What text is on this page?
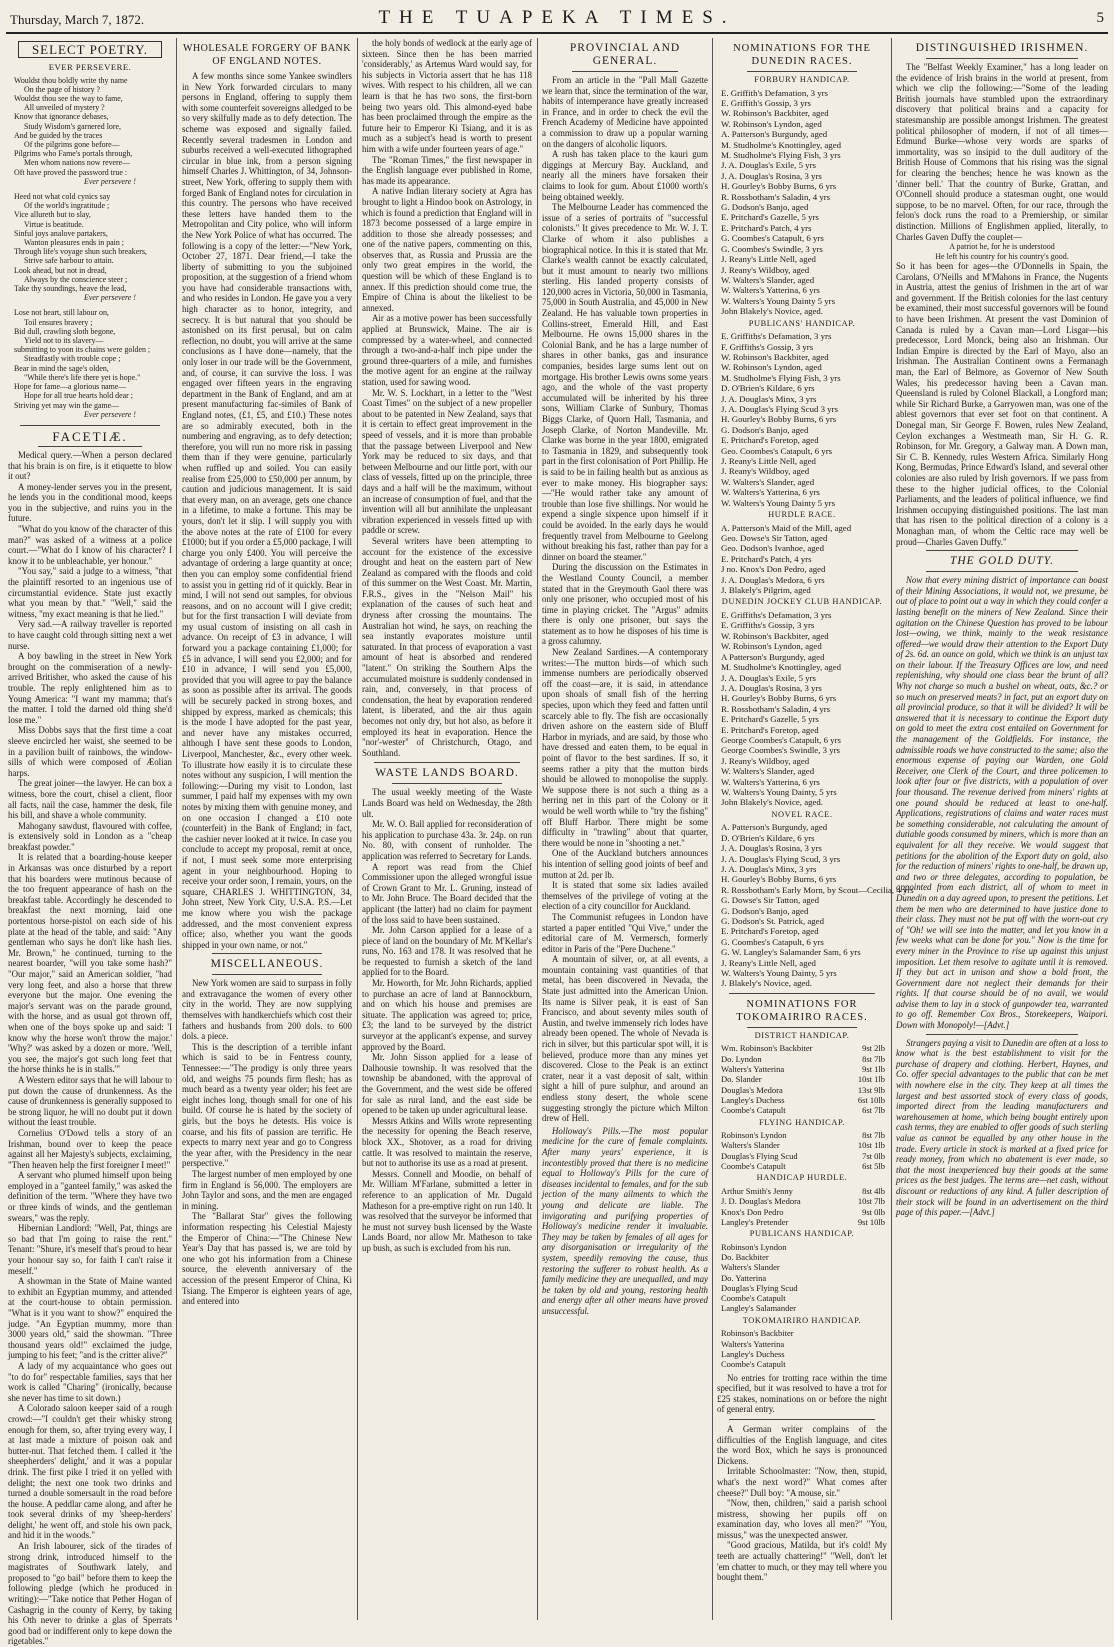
Thursday, March 7, 1872.	THE TUAPEKA TIMES.	5
SELECT POETRY.
EVER PERSEVERE.
Wouldst thou boldly write thy name
On the page of history ?
Wouldst thou see the way to fame,
All unveiled of mystery ?
Know that ignorance debases,
Study Wisdom's garnered lore,
And be guided by the traces
Of the pilgrims gone before—
Pilgrims who Fame's portals through,
Men whom nations now revere—
Oft have proved the password true :
Ever persevere !
Heed not what cold cynics say
Of the world's ingratitude ;
Vice allureth but to slay,
Virtue is beatitude.
Sinful joys analove partakers,
Wanton pleasures ends in pain ;
Through life's voyage shun such breakers,
Strive safe harbour to attain.
Look ahead, but not in dread,
Always by the conscience steer ;
Take thy soundings, heave the lead,
Ever persevere !
Lose not heart, still labour on,
Toil ensures bravery ;
Bid dull, crawling sloth begone,
Yield not to its slavery—
submitting to yoon its chains were golden ;
Steadfastly with trouble cope ;
Bear in mind the sage's olden,
"While there's life there yet is hope."
Hope for fame—a glorious name—
Hope for all true hearts hold dear ;
Striving yet may win the game—
Ever persevere !
FACETIÆ.

Medical query.—When a person declared that his brain is on fire, is it etiquette to blow it out?

A money-lender serves you in the present, he lends you in the conditional mood, keeps you in the subjective, and ruins you in the future.

"What do you know of the character of this man?" was asked of a witness at a police court.—"What do I know of his character? I know it to be unbleachable, yer honour."

"You say," said a judge to a witness, "that the plaintiff resorted to an ingenious use of circumstantial evidence. State just exactly what you mean by that." "Well," said the witness, "my exact meaning is that he lied."

Very sad.—A railway traveller is reported to have caught cold through sitting next a wet nurse.

A boy bawling in the street in New York brought on the commiseration of a newly-arrived Britisher, who asked the cause of his trouble. The reply enlightened him as to Young America: "I want my mamma; that's the matter. I told the darned old thing she'd lose me."

Miss Dobbs says that the first time a coat sleeve encircled her waist, she seemed to be in a pavilion built of rainbows, the window-sills of which were composed of Æolian harps.

The great joiner—the lawyer. He can box a witness, bore the court, chisel a client, floor all facts, nail the case, hammer the desk, file his bill, and shave a whole community.

Mahogany sawdust, flavoured with coffee, is extensively sold in London as a "cheap breakfast powder."

It is related that a boarding-house keeper in Arkansas was once disturbed by a report that his boarders were mutinous because of the too frequent appearance of hash on the breakfast table. Accordingly he descended to breakfast the next morning, laid one portentous horse-pistol on each side of his plate at the head of the table, and said: "Any gentleman who says he don't like hash lies. Mr. Brown," he continued, turning to the nearest boarder, "will you take some hash?" "Our major," said an American soldier, "had very long feet, and also a horse that threw everyone but the major. One evening the major's servant was on the parade ground, with the horse, and as usual got thrown off, when one of the boys spoke up and said: 'I know why the horse won't throw the major.' 'Why?' was asked by a dozen or more. 'Well, you see, the major's got such long feet that the horse thinks he is in stalls.'"

A Western editor says that he will labour to put down the cause of drunkenness. As the cause of drunkenness is generally supposed to be strong liquor, he will no doubt put it down without the least trouble.

Cornelius O'Dowd tells a story of an Irishman, bound over to keep the peace against all her Majesty's subjects, exclaiming, "Then heaven help the first foreigner I meet!"

A servant who plumed himself upon being employed in a "ganteel family," was asked the definition of the term. "Where they have two or three kinds of winds, and the gentleman swears," was the reply.

Hibernian Landlord: "Well, Pat, things are so bad that I'm going to raise the rent." Tenant: "Shure, it's meself that's proud to hear your honour say so, for faith I can't raise it meself."

A showman in the State of Maine wanted to exhibit an Egyptian mummy, and attended at the court-house to obtain permission. "What is it you want to show?" enquired the judge. "An Egyptian mummy, more than 3000 years old," said the showman. "Three thousand years old!" exclaimed the judge, jumping to his feet; "and is the critter alive?"

A lady of my acquaintance who goes out "to do for" respectable families, says that her work is called "Charing" (ironically, because she never has time to sit down.)

A Colorado saloon keeper said of a rough crowd:—"I couldn't get their whisky strong enough for them, so, after trying every way, I at last made a mixture of poison oak and butter-nut. That fetched them. I called it 'the sheepherders' delight,' and it was a popular drink. The first pike I tried it on yelled with delight; the next one took two drinks and turned a double somersault in the road before the house. A peddlar came along, and after he took several drinks of my 'sheep-herders' delight,' he went off, and stole his own pack, and hid it in the woods."

An Irish labourer, sick of the tirades of strong drink, introduced himself to the magistrates of Southwark lately, and proposed to "go bail" before them to keep the following pledge (which he produced in writing):—"Take notice that Pether Hogan of Cashagrig in the county of Kerry, by taking his Oth never to drinke a glas of Sperrats good bad or indifferent only to kepe down the rigetables."

WHOLESALE FORGERY OF BANK OF ENGLAND NOTES.

A few months since some Yankee swindlers in New York forwarded circulars to many persons in England, offering to supply them with some counterfeit sovereigns alledged to be so very skilfully made as to defy detection. The scheme was exposed and signally failed. Recently several tradesmen in London and suburbs received a well-executed lithographed circular in blue ink, from a person signing himself Charles J. Whittington, of 34, Johnson-street, New York, offering to supply them with forged Bank of England notes for circulation in this country. The persons who have received these letters have handed them to the Metropolitan and City police, who will inform the New York Police of what has occurred. The following is a copy of the letter:—"New York, October 27, 1871. Dear friend,—I take the liberty of submitting to you the subjoined proposition, at the suggestion of a friend whom you have had considerable transactions with, and who resides in London. He gave you a very high character as to honor, integrity, and secrecy. It is but natural that you should be astonished on its first perusal, but on calm reflection, no doubt, you will arrive at the same conclusions as I have done—namely, that the only loser in our trade will be the Government, and, of course, it can survive the loss. I was engaged over fifteen years in the engraving department in the Bank of England, and am at present manufacturing fac-similes of Bank of England notes, (£1, £5, and £10.) These notes are so admirably executed, both in the numbering and engraving, as to defy detection; therefore, you will run no more risk in passing them than if they were genuine, particularly when ruffled up and soiled. You can easily realise from £25,000 to £50,000 per annum, by caution and judicious management. It is said that every man, on an average, gets one chance in a lifetime, to make a fortune. This may be yours, don't let it slip. I will supply you with the above notes at the rate of £100 for every £1000; but if you order a £5,000 package, I will charge you only £400. You will perceive the advantage of ordering a large quantity at once; then you can employ some confidential friend to assist you in getting rid of it quickly. Bear in mind, I will not send out samples, for obvious reasons, and on no account will I give credit; but for the first transaction I will deviate from my usual custom of insisting on all cash in advance. On receipt of £3 in advance, I will forward you a package containing £1,000; for £5 in advance, I will send you £2,000; and for £10 in advance, I will send you £5,000, provided that you will agree to pay the balance as soon as possible after its arrival. The goods will be securely packed in strong boxes, and shipped by express, marked as chemicals; this is the mode I have adopted for the past year, and never have any mistakes occurred, although I have sent these goods to London, Liverpool, Manchester, &c., every other week. To illustrate how easily it is to circulate these notes without any suspicion, I will mention the following:—During my visit to London, last summer, I paid half my expenses with my own notes by mixing them with genuine money, and on one occasion I changed a £10 note (counterfeit) in the Bank of England; in fact, the cashier never looked at it twice. In case you conclude to accept my proposal, remit at once, if not, I must seek some more enterprising agent in your neighbourhood. Hoping to receive your order soon, I remain, yours, on the square, CHARLES J. WHITTINGTON, 34, John street, New York City, U.S.A. P.S.—Let me know where you wish the package addressed, and the most convenient express office; also, whether you want the goods shipped in your own name, or not."

MISCELLANEOUS.

New York women are said to surpass in folly and extravagance the women of every other city in the world. They are now supplying themselves with handkerchiefs which cost their fathers and husbands from 200 dols. to 600 dols. a piece.

This is the description of a terrible infant which is said to be in Fentress county, Tennessee:—"The prodigy is only three years old, and weighs 75 pounds firm flesh; has as much beard as a twenty year older; his feet are eight inches long, though small for one of his build. Of course he is hated by the society of girls, but the boys he detests. His voice is coarse, and his fits of passion are terrific. He expects to marry next year and go to Congress the year after, with the Presidency in the near perspective."

The largest number of men employed by one firm in England is 56,000. The employers are John Taylor and sons, and the men are engaged in mining.

The "Ballarat Star" gives the following information respecting his Celestial Majesty the Emperor of China:—"The Chinese New Year's Day that has passed is, we are told by one who got his information from a Chinese source, the eleventh anniversary of the accession of the present Emperor of China, Ki Tsiang. The Emperor is eighteen years of age, and entered into

the holy bonds of wedlock at the early age of sixteen. Since then he has been married 'considerably,' as Artemus Ward would say, for his subjects in Victoria assert that he has 118 wives. With respect to his children, all we can learn is that he has two sons, the first-born being two years old. This almond-eyed babe has been proclaimed through the empire as the future heir to Emperor Ki Tsiang, and it is as much as a subject's head is worth to present him with a wife under fourteen years of age."

The "Roman Times," the first newspaper in the English language ever published in Rome, has made its appearance.

A native Indian literary society at Agra has brought to light a Hindoo book on Astrology, in which is found a prediction that England will in 1873 become possessed of a large empire in addition to those she already possesses; and one of the native papers, commenting on this, observes that, as Russia and Prussia are the only two great empires in the world, the question will be which of these England is to annex. If this prediction should come true, the Empire of China is about the likeliest to be annexed.

Air as a motive power has been successfully applied at Brunswick, Maine. The air is compressed by a water-wheel, and connected through a two-and-a-half inch pipe under the ground three-quarters of a mile, and furnishes the motive agent for an engine at the railway station, used for sawing wood.

Mr. W. S. Lockhart, in a letter to the "West Coast Times" on the subject of a new propeller about to be patented in New Zealand, says that it is certain to effect great improvement in the speed of vessels, and it is more than probable that the passage between Liverpool and New York may be reduced to six days, and that between Melbourne and our little port, with our class of vessels, fitted up on the principle, three days and a half will be the maximum, without an increase of consumption of fuel, and that the invention will all but annihilate the unpleasant vibration experienced in vessels fitted up with paddle or screw.

Several writers have been attempting to account for the existence of the excessive drought and heat on the eastern part of New Zealand as compared with the floods and cold of this summer on the West Coast. Mr. Martin, F.R.S., gives in the "Nelson Mail" his explanation of the causes of such heat and dryness after crossing the mountains. The Australian hot wind, he says, on reaching the sea instantly evaporates moisture until saturated. In that process of evaporation a vast amount of heat is absorbed and rendered "latent." On striking the Southern Alps the accumulated moisture is suddenly condensed in rain, and, conversely, in that process of condensation, the heat by evaporation rendered latent, is liberated, and the air thus again becomes not only dry, but hot also, as before it employed its heat in evaporation. Hence the "nor'-wester" of Christchurch, Otago, and Southland.

WASTE LANDS BOARD.

The usual weekly meeting of the Waste Lands Board was held on Wednesday, the 28th ult.

Mr. W. O. Ball applied for reconsideration of his application to purchase 43a. 3r. 24p. on run No. 80, with consent of runholder. The application was referred to Secretary for Lands.

A report was read from the Chief Commissioner upon the alleged wrongful issue of Crown Grant to Mr. L. Gruning, instead of to Mr. John Bruce. The Board decided that the applicant (the latter) had no claim for payment of the loss said to have been sustained.

Mr. John Carson applied for a lease of a piece of land on the boundary of Mr. M'Kellar's runs, No. 163 and 178. It was resolved that he be requested to furnish a sketch of the land applied for to the Board.

Mr. Howorth, for Mr. John Richards, applied to purchase an acre of land at Bannockburn, and on which his house and premises are situate. The application was agreed to; price, £3; the land to be surveyed by the district surveyor at the applicant's expense, and survey approved by the Board.

Mr. John Sisson applied for a lease of Dalhousie township. It was resolved that the township be abandoned, with the approval of the Government, and the west side be offered for sale as rural land, and the east side be opened to be taken up under agricultural lease.

Messrs Atkins and Wills wrote representing the necessity for opening the Beach reserve, block XX., Shotover, as a road for driving cattle. It was resolved to maintain the reserve, but not to authorise its use as a road at present.

Messrs. Connell and Moodie, on behalf of Mr. William M'Farlane, submitted a letter in reference to an application of Mr. Dugald Matheson for a pre-emptive right on run 140. It was resolved that the surveyor be informed that he must not survey bush licensed by the Waste Lands Board, nor allow Mr. Matheson to take up bush, as such is excluded from his run.

PROVINCIAL AND GENERAL.

From an article in the "Pall Mall Gazette we learn that, since the termination of the war, habits of intemperance have greatly increased in France, and in order to check the evil the French Academy of Medicine have appointed a commission to draw up a popular warning on the dangers of alcoholic liquors.

A rush has taken place to the kauri gum diggings at Mercury Bay. Auckland, and nearly all the miners have forsaken their claims to look for gum. About £1000 worth's being obtained weekly.

The Melbourne Leader has commenced the issue of a series of portraits of "successful colonists." It gives precedence to Mr. W. J. T. Clarke of whom it also publishes a biographical notice. In this it is stated that Mr. Clarke's wealth cannot be exactly calculated, but it must amount to nearly two millions sterling. His landed property consists of 120,000 acres in Victoria, 50,000 in Tasmania, 75,000 in South Australia, and 45,000 in New Zealand. He has valuable town properties in Collins-street, Emerald Hill, and East Melbourne. He owns 15,000 shares in the Colonial Bank, and he has a large number of shares in other banks, gas and insurance companies, besides large sums lent out on mortgage. His brother Lewis owns some years ago, and the whole of the vast property accumulated will be inherited by his three sons, William Clarke of Sunbury, Thomas Biggs Clarke, of Quorn Hall, Tasmania, and Joseph Clarke, of Norton Mandeville. Mr. Clarke was borne in the year 1800, emigrated to Tasmania in 1829, and subsequently took part in the first colonisation of Port Phillip. He is said to be in failing health but as anxious as ever to make money. His biographer says:—"He would rather take any amount of trouble than lose five shillings. Nor would he expend a single sixpence upon himself if it could be avoided. In the early days he would frequently travel from Melbourne to Geelong without breaking his fast, rather than pay for a dinner on board the steamer."

During the discussion on the Estimates in the Westland County Council, a member stated that in the Greymouth Gaol there was only one prisoner, who occupied most of his time in playing cricket. The "Argus" admits there is only one prisoner, but says the statement as to how he disposes of his time is a gross calumny.

New Zealand Sardines.—A contemporary writes:—The mutton birds—of which such immense numbers are periodically observed off the coast—are, it is said, in attendance upon shoals of small fish of the herring species, upon which they feed and fatten until scarcely able to fly. The fish are occasionally driven ashore on the eastern side of Bluff Harbor in myriads, and are said, by those who have dressed and eaten them, to be equal in point of flavor to the best sardines. If so, it seems rather a pity that the mutton birds should be allowed to monopolise the supply. We suppose there is not such a thing as a herring net in this part of the Colony or it would be well worth while to "try the fishing" off Bluff Harbor. There might be some difficulty in "trawling" about that quarter, there would be none in "shooting a net."

One of the Auckland butchers announces his intention of selling good joints of beef and mutton at 2d. per lb.

It is stated that some six ladies availed themselves of the privilege of voting at the election of a city councillor for Auckland.

The Communist refugees in London have started a paper entitled "Qui Vive," under the editorial care of M. Vermersch, formerly editor in Paris of the "Pere Duchene."

A mountain of silver, or, at all events, a mountain containing vast quantities of that metal, has been discovered in Nevada, the State just admitted into the American Union. Its name is Silver peak, it is east of San Francisco, and about seventy miles south of Austin, and twelve immensely rich lodes have already been opened. The whole of Nevada is rich in silver, but this particular spot will, it is believed, produce more than any mines yet discovered. Close to the Peak is an extinct crater, near it a vast deposit of salt, within sight a hill of pure sulphur, and around an endless stony desert, the whole scene suggesting strongly the picture which Milton drew of Hell.

Holloway's Pills.—The most popular medicine for the cure of female complaints. After many years' experience, it is incontestibly proved that there is no medicine equal to Holloway's Pills for the cure of diseases incidental to females, and for the sub jection of the many ailments to which the young and delicate are liable. The invigorating and purifying properties of Holloway's medicine render it invaluable. They may be taken by females of all ages for any disorganisation or irregularity of the system, speedily removing the cause, thus restoring the sufferer to robust health. As a family medicine they are unequalled, and may be taken by old and young, restoring health and energy after all other means have proved unsuccessful.

NOMINATIONS FOR THE DUNEDIN RACES.
FORBURY HANDICAP.
E. Griffith's Defamation, 3 yrs
E. Griffith's Gossip, 3 yrs
W. Robinson's Backbiter, aged
W. Robinson's Lyndon, aged
A. Patterson's Burgundy, aged
M. Studholme's Knottingley, aged
M. Studholme's Flying Fish, 3 yrs
J. A. Douglas's Exile, 5 yrs
J. A. Douglas's Rosina, 3 yrs
H. Gourley's Bobby Burns, 6 yrs
R. Rossbotham's Saladin, 4 yrs
G. Dodson's Banjo, aged
E. Pritchard's Gazelle, 5 yrs
E. Pritchard's Patch, 4 yrs
G. Coombes's Catapult, 6 yrs
G. Coombes's Swindle, 3 yrs
J. Reany's Little Nell, aged
J. Reany's Wildboy, aged
W. Walters's Slander, aged
W. Walters's Yatterina, 6 yrs
W. Walters's Young Dainty 5 yrs
John Blakely's Novice, aged.
PUBLICANS' HANDICAP.
E. Griffiths's Defamation, 3 yrs
F. Griffiths's Gossip, 3 yrs
W. Robinson's Backbiter, aged
W. Robinson's Lyndon, aged
M. Studholme's Flying Fish, 3 yrs
D. O'Brien's Kildare, 6 yrs
J. A. Douglas's Minx, 3 yrs
J. A. Douglas's Flying Scud 3 yrs
H. Gourley's Bobby Burns, 6 yrs
G. Dodson's Banjo, aged
E. Pritchard's Foretop, aged
Geo. Coombes's Catapult, 6 yrs
J. Reany's Little Nell, aged
J. Reany's Wildboy, aged
W. Walters's Slander, aged
W. Walters's Yatterina, 6 yrs
W. Walters's Young Dainty 5 yrs
HURDLE RACE.
A. Patterson's Maid of the Mill, aged
Geo. Dowse's Sir Tatton, aged
Geo. Dodson's Ivanhoe, aged
E. Pritchard's Patch, 4 yrs
J no. Knox's Don Pedro, aged
J. A. Douglas's Medora, 6 yrs
J. Blakely's Pilgrim, aged
DUNEDIN JOCKEY CLUB HANDICAP.
E. Griffiths's Defamation, 3 yrs
E. Griffiths's Gossip, 3 yrs
W. Robinson's Backbiter, aged
W. Robinson's Lyndon, aged
A Patterson's Burgundy, aged
M. Studholme's Knottingley, aged
J. A. Douglas's Exile, 5 yrs
J. A. Douglas's Rosina, 3 yrs
H. Gourley's Bobby Burns, 6 yrs
R. Rossbotham's Saladin, 4 yrs
E. Pritchard's Gazelle, 5 yrs
E. Pritchard's Foretop, aged
George Coombes's Catapult, 6 yrs
George Coombes's Swindle, 3 yrs
J. Reany's Wildboy, aged
W. Walters's Slander, aged
W. Walters's Yatterina, 6 yrs
W. Walters's Young Dainty, 5 yrs
John Blakely's Novice, aged.
NOVEL RACE.
A. Patterson's Burgundy, aged
D. O'Brien's Kildare, 6 yrs
J. A. Douglas's Rosina, 3 yrs
J. A. Douglas's Flying Scud, 3 yrs
J. A. Douglas's Minx, 3 yrs
H. Gourley's Bobby Burns, 6 yrs
R. Rossbotham's Early Morn, by Scout—Cecilia, 4 yrs
G. Dowse's Sir Tatton, aged
G. Dodson's Banjo, aged
G. Dodson's St. Patrick, aged
E. Pritchard's Foretop, aged
G. Coombes's Catapult, 6 yrs
G. W. Langley's Salamander Sam, 6 yrs
J. Reany's Little Nell, aged
W. Walters's Young Dainty, 5 yrs
J. Blakely's Novice, aged.
NOMINATIONS FOR TOKOMAIRIRO RACES.
DISTRICT HANDICAP.
Wm. Robinson's Backbiter	9st 2lb
Do. Lyndon	8st 7lb
Walters's Yatterina	9st 1lb
Do. Slander	10st 1lb
Douglas's Medora	13st 9lb
Langley's Duchess	6st 10lb
Coombe's Catapult	6st 7lb
FLYING HANDICAP.
Robinson's Lyndon	8st 7lb
Walters's Slander	10st 1lb
Douglas's Flying Scud	7st 0lb
Coombe's Catapult	6st 5lb
HANDICAP HURDLE.
Arthur Smith's Jenny	8st 4lb
J. D. Douglas's Medora	10st 7lb
Knox's Don Pedro	9st 0lb
Langley's Pretender	9st 10lb
PUBLICANS HANDICAP.
Robinson's Lyndon
Do. Backbiter
Walters's Slander
Do. Yatterina
Douglas's Flying Scud
Coombe's Catapult
Langley's Salamander
TOKOMAIRIRO HANDICAP.
Robinson's Backbiter
Walters's Yatterina
Langley's Duchess
Coombe's Catapult

No entries for trotting race within the time specified, but it was resolved to have a trot for £25 stakes, nominations on or before the night of general entry.

A German writer complains of the difficulties of the English language, and cites the word Box, which he says is pronounced Dickens.

Irritable Schoolmaster: "Now, then, stupid, what's the next word?" What comes after cheese?" Dull boy: "A mouse, sir."

"Now, then, children," said a parish school mistress, showing her pupils off on examination day, who loves all men?" "You, missus," was the unexpected answer.

"Good gracious, Matilda, but it's cold! My teeth are actually chattering!" "Well, don't let 'em chatter to much, or they may tell where you bought them."

DISTINGUISHED IRISHMEN.

The "Belfast Weekly Examiner," has a long leader on the evidence of Irish brains in the world at present, from which we clip the following:—"Some of the leading British journals have stumbled upon the extraordinary discovery that political brains and a capacity for statesmanship are possible amongst Irishmen. The greatest political philosopher of modern, if not of all times—Edmund Burke—whose very words are sparks of immortality, was so insipid to the dull auditory of the British House of Commons that his rising was the signal for clearing the benches; hence he was known as the 'dinner bell.' That the country of Burke, Grattan, and O'Connell should produce a statesman ought, one would suppose, to be no marvel. Often, for our race, through the felon's dock runs the road to a Premiership, or similar distinction. Millions of Englishmen applied, literally, to Charles Gaven Duffy the couplet—

A patriot he, for he is understood
He left his country for his country's good.

So it has been for ages—the O'Donnells in Spain, the Carolans, O'Neills and M'Mahons in France, the Nugents in Austria, attest the genius of Irishmen in the art of war and government. If the British colonies for the last century be examined, their most successful governors will be found to have been Irishmen. At present the vast Dominion of Canada is ruled by a Cavan man—Lord Lisgar—his predecessor, Lord Monck, being also an Irishman. Our Indian Empire is directed by the Earl of Mayo, also an Irishman. The Australian Continent owns a Fermanagh man, the Earl of Belmore, as Governor of New South Wales, his predecessor having been a Cavan man. Queensland is ruled by Colonel Blackall, a Longford man; while Sir Richard Burke, a Garryowen man, was one of the ablest governors that ever set foot on that continent. A Donegal man, Sir George F. Bowen, rules New Zealand, Ceylon exchanges a Westmeath man, Sir H. G. R. Robinson, for Mr. Gregory, a Galway man. A Down man, Sir C. B. Kennedy, rules Western Africa. Similarly Hong Kong, Bermudas, Prince Edward's Island, and several other colonies are also ruled by Irish governors. If we pass from these to the higher judicial offices, to the Colonial Parliaments, and the leaders of political influence, we find Irishmen occupying distinguished positions. The last man that has risen to the political direction of a colony is a Monaghan man, of whom the Celtic race may well be proud—Charles Gaven Duffy."

THE GOLD DUTY.

Now that every mining district of importance can boast of their Mining Associations, it would not, we presume, be out of place to point out a way in which they could confer a lasting benefit on the miners of New Zealand. Since their agitation on the Chinese Question has proved to be labour lost—owing, we think, mainly to the weak resistance offered—we would draw their attention to the Export Duty of 2s. 6d. an ounce on gold, which we think is an unjust tax on their labour. If the Treasury Offices are low, and need replenishing, why should one class bear the brunt of all? Why not charge so much a bushel on wheat, oats, &c.? or so much on preserved meats? in fact, put an export duty on all provincial produce, so that it will be divided? It will be answered that it is necessary to continue the Export duty on gold to meet the extra cost entailed on Government for the management of the Goldfields. For instance, the admissible roads we have constructed to the same; also the enormous expense of paying our Warden, one Gold Receiver, one Clerk of the Court, and three policemen to look after four or five districts, with a population of over four thousand. The revenue derived from miners' rights at one pound should be reduced at least to one-half. Applications, registrations of claims and water races must be something considerable, not calculating the amount of dutiable goods consumed by miners, which is more than an equivalent for all they receive. We would suggest that petitions for the abolition of the Export duty on gold, also for the reduction of miners' rights to one-half, be drawn up, and two or three delegates, according to population, be appointed from each district, all of whom to meet in Dunedin on a day agreed upon, to present the petitions. Let them be men who are determined to have justice done to their class. They must not be put off with the worn-out cry of "Oh! we will see into the matter, and let you know in a few weeks what can be done for you." Now is the time for every miner in the Province to rise up against this unjust imposition. Let them resolve to agitate until it is removed. If they but act in unison and show a bold front, the Government dare not neglect their demands for their rights. If that course should be of no avail, we would advise them to lay in a stock of gunpowder tea, warranted to go off. Remember Cox Bros., Storekeepers, Waipori. Down with Monopoly!—[Advt.]

Strangers paying a visit to Dunedin are often at a loss to know what is the best establishment to visit for the purchase of drapery and clothing. Herbert, Haynes, and Co. offer special advantages to the public that can be met with nowhere else in the city. They keep at all times the largest and best assorted stock of every class of goods, imported direct from the leading manufacturers and warehousemen at home, which being bought entirely upon cash terms, they are enabled to offer goods of such sterling value as cannot be equalled by any other house in the trade. Every article in stock is marked at a fixed price for ready money, from which no abatement is ever made, so that the most inexperienced buy their goods at the same prices as the best judges. The terms are—net cash, without discount or reductions of any kind. A fuller description of their stock will be found in an advertisement on the third page of this paper.—[Advt.]
